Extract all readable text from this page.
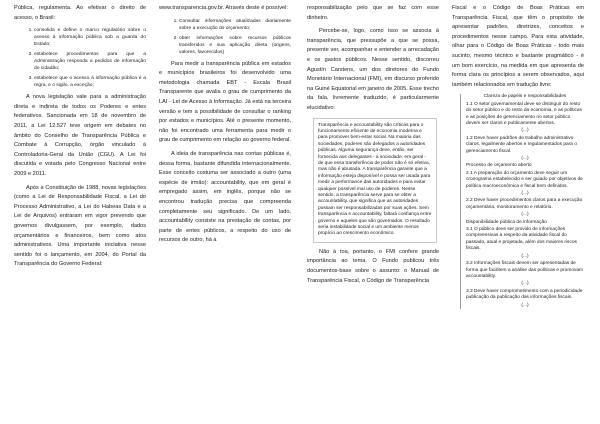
Pública, regulamenta. Ao efetivar o direito de acesso, o Brasil:

1. consolida e define o marco regulatório sobre o acesso à informação pública sob a guarda do Estado;
2. estabelece procedimentos para que a Administração responda a pedidos de informação do cidadão;
3. estabelece que o acesso à informação pública é a regra, e o sigilo, a exceção;

A nova legislação vale para a administração direta e indireta de todos os Poderes e entes federativos. Sancionada em 18 de novembro de 2011, a Lei 12.527 teve origem em debates no âmbito do Conselho de Transparência Pública e Combate à Corrupção, órgão vinculado à Controladoria-Geral da União (CGU). A Lei foi discutida e votada pelo Congresso Nacional entre 2009 e 2011.

Após a Constituição de 1988, novas legislações (como a Lei de Responsabilidade Fiscal, a Lei do Processo Administrativo, a Lei do Habeas Data e a Lei de Arquivos) entraram em vigor prevendo que governos divulgassem, por exemplo, dados orçamentários e financeiros, bem como atos administrativos. Uma importante iniciativa nesse sentido foi o lançamento, em 2004, do Portal da Transparência do Governo Federal:

www.transparencia.gov.br. Através deste é possível:

1. Consultar informações atualizadas diariamente sobre a execução do orçamento;
2. obter informações sobre recursos públicos transferidos e sua aplicação direta (origens, valores, favorecidos)

Para medir a transparência pública em estados e municípios brasileiros foi desenvolvido uma metodologia chamada EBT - Escala Brasil Transparente que avalia o grau de cumprimento da LAI - Lei de Acesso à Informação. Já está na terceira versão e tem a possibilidade de consultar o ranking por estados e municípios. Até o presente momento, não foi encontrado uma ferramenta para medir o grau de cumprimento em relação ao governo federal.

A ideia de transparência nas contas públicas é, dessa forma, bastante difundida internacionalmente. Esse conceito costuma ser associado a outro (uma espécie de irmão): accountability, que em geral é empregado assim, em inglês, porque não se encontrou tradução precisa que compreenda completamente seu significado. De um lado, accountability consiste na prestação de contas, por parte de entes públicos, a respeito do uso de recursos de outro, há a

responsabilização pelo que se faz com esse dinheiro.

Percebe-se, logo, como isso se associa à transparência, que pressupõe a que se possa, presente ver, acompanhar e entender a arrecadação e os gastos públicos. Nesse sentido, discorreu Agustín Carstens, um dos diretores do Fundo Monetário Internacional (FMI), em discurso proferido na Guiné Equatorial em janeiro de 2005. Esse trecho da fala, livremente traduzido, é particularmente elucidativo:

Transparência e accountability são críticas para o funcionamento eficiente de economia moderna e para promover bem-estar social. Na maioria das sociedades, poderes são delegados a autoridades públicas. Alguma segurança deve, então, ser fornecida aos delegantes - a sociedade, em geral - de que essa transferência de poder não é só efetiva, mas não é abusada. A transparência garante que a informação esteja disponível e possa ser usada para medir a performance das autoridades e para evitar qualquer possível mal uso de poderes. Nesse sentido, a transparência serve para se obter a accountability, que significa que as autoridades possam ser responsabilizadas por suas ações. Sem transparência e accountability, faltará confiança entre governo e aqueles que são governados. O resultado seria instabilidade social e um ambiente menos propício ao crescimento econômico.

Não à toa, portanto, o FMI confere grande importância ao tema. O Fundo publicou três documentos-base sobre o assunto: o Manual de Transparência Fiscal, o Código de Transparência

Fiscal e o Código de Boas Práticas em Transparência Fiscal, que têm o propósito de apresentar padrões, diretrizes, conceitos e procedimentos nesse campo. Para esta atividade, olhar para o Código de Boas Práticas - todo mais sucinto, mesmo técnico e bastante pragmático - é um bom exercício, na medida em que apresenta de forma clara os princípios a serem observados, aqui também relacionados em tradução livre:

Clareza de papéis e responsabilidades

1.1 O setor governamental deve se distinguir do resto do setor público e do resto da economia, e as políticas e as posições de gerenciamento no setor público devem ser claros e publicamente abertos.

(...)

1.2 Deve haver padrões de trabalho administrativo claros, legalmente abertos e regulamentados para o gerenciamento fiscal.

(...)

Processo de orçamento aberto

2.1 A preparação do orçamento deve seguir um cronograma estabelecido e ser guiado por objetivos de política macroeconômica e fiscal bem definidos.

(...)

2.2 Deve haver procedimentos claros para a execução orçamentária, monitoramento e relatório.

(...)

Disponibilidade pública de informação

3.1 O público deve ser provido de informações compreensivas a respeito da atividade fiscal do passado, atual e projetada, além dos maiores riscos fiscais.

(...)

3.2 Informações fiscais devem ser apresentadas de forma que facilitem a análise das políticas e promovam accountability.

(...)

3.3 Deve haver comprometimento com a periodicidade publicação da publicação das informações fiscais.

(...)
